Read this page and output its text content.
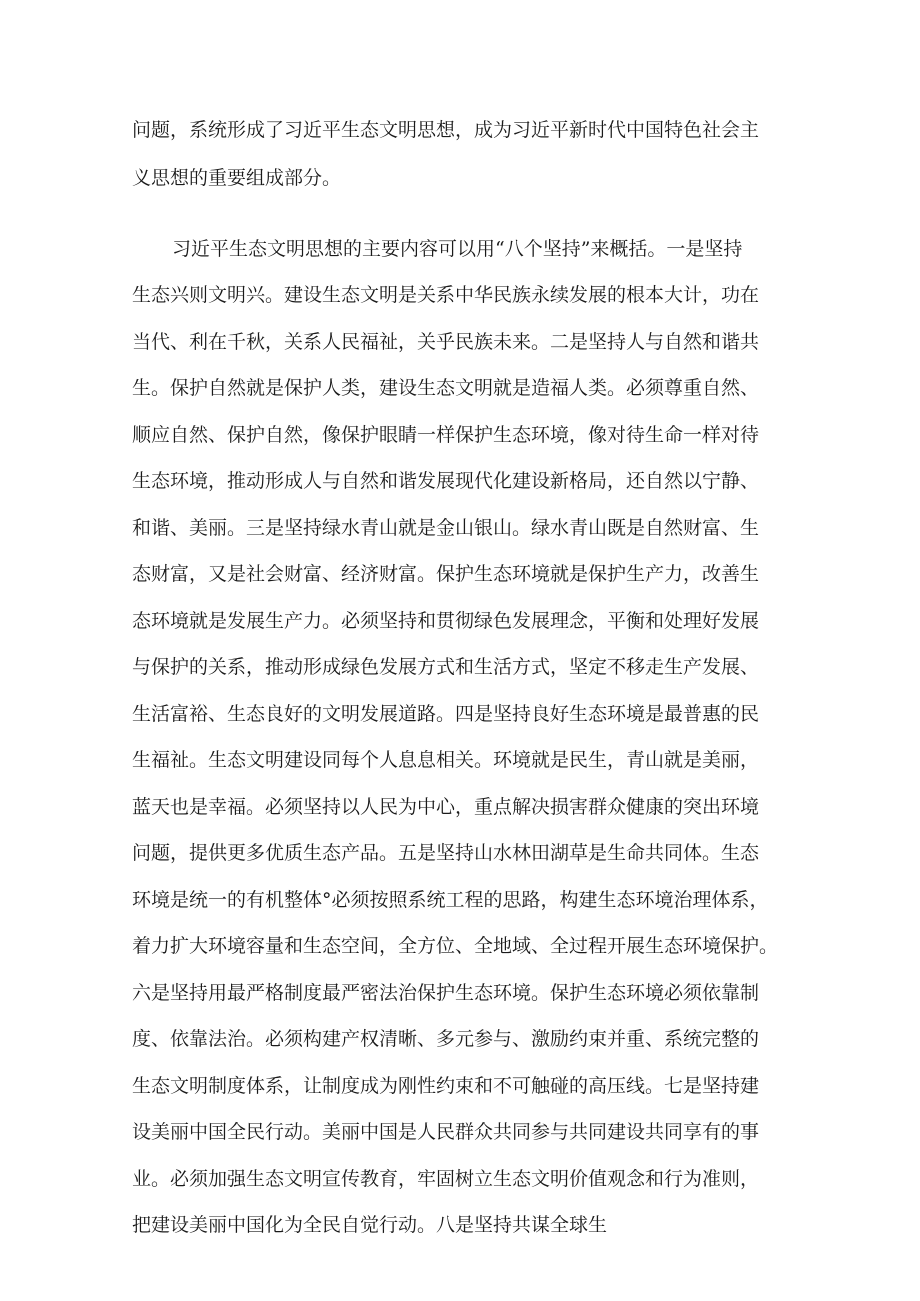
问题，系统形成了习近平生态文明思想，成为习近平新时代中国特色社会主

义思想的重要组成部分。

习近平生态文明思想的主要内容可以用“八个坚持”来概括。一是坚持

生态兴则文明兴。建设生态文明是关系中华民族永续发展的根本大计，功在

当代、利在千秋，关系人民福祉，关乎民族未来。二是坚持人与自然和谐共

生。保护自然就是保护人类，建设生态文明就是造福人类。必须尊重自然、

顺应自然、保护自然，像保护眼睛一样保护生态环境，像对待生命一样对待

生态环境，推动形成人与自然和谐发展现代化建设新格局，还自然以宁静、

和谐、美丽。三是坚持绿水青山就是金山银山。绿水青山既是自然财富、生

态财富，又是社会财富、经济财富。保护生态环境就是保护生产力，改善生

态环境就是发展生产力。必须坚持和贯彻绿色发展理念，平衡和处理好发展

与保护的关系，推动形成绿色发展方式和生活方式，坚定不移走生产发展、

生活富裕、生态良好的文明发展道路。四是坚持良好生态环境是最普惠的民

生福祉。生态文明建设同每个人息息相关。环境就是民生，青山就是美丽，

蓝天也是幸福。必须坚持以人民为中心，重点解决损害群众健康的突出环境

问题，提供更多优质生态产品。五是坚持山水林田湖草是生命共同体。生态

环境是统一的有机整体°必须按照系统工程的思路，构建生态环境治理体系，

着力扩大环境容量和生态空间，全方位、全地域、全过程开展生态环境保护。

六是坚持用最严格制度最严密法治保护生态环境。保护生态环境必须依靠制

度、依靠法治。必须构建产权清晰、多元参与、激励约束并重、系统完整的

生态文明制度体系，让制度成为刚性约束和不可触碰的高压线。七是坚持建

设美丽中国全民行动。美丽中国是人民群众共同参与共同建设共同享有的事

业。必须加强生态文明宣传教育，牢固树立生态文明价值观念和行为准则，

把建设美丽中国化为全民自觉行动。八是坚持共谋全球生
